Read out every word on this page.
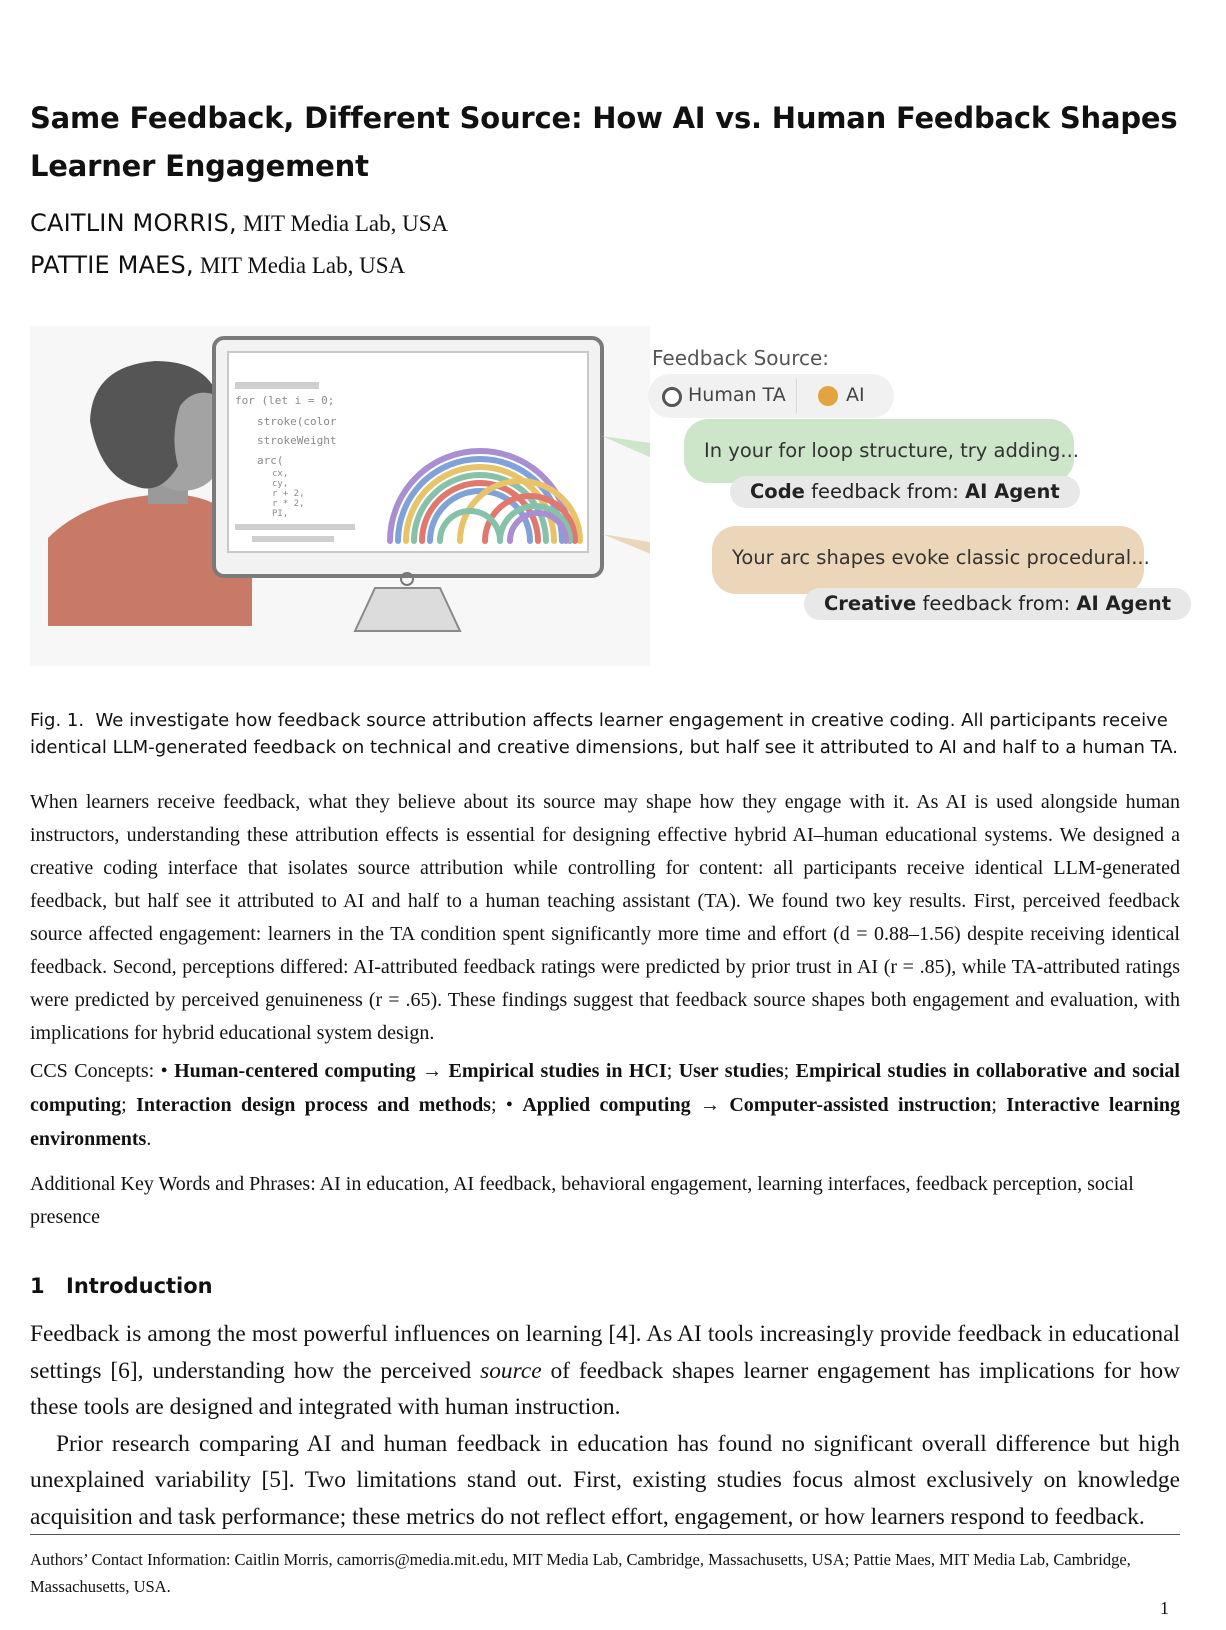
Same Feedback, Different Source: How AI vs. Human Feedback Shapes Learner Engagement
CAITLIN MORRIS, MIT Media Lab, USA
PATTIE MAES, MIT Media Lab, USA
for (let i = 0;
stroke(color
strokeWeight
arc(
cx,
cy,
r + 2,
r * 2,
PI,
Feedback Source:
Human TA	AI
In your for loop structure, try adding...
Code feedback from: AI Agent
Your arc shapes evoke classic procedural...
Creative feedback from: AI Agent
Fig. 1. We investigate how feedback source attribution affects learner engagement in creative coding. All participants receive identical LLM-generated feedback on technical and creative dimensions, but half see it attributed to AI and half to a human TA.

When learners receive feedback, what they believe about its source may shape how they engage with it. As AI is used alongside human instructors, understanding these attribution effects is essential for designing effective hybrid AI–human educational systems. We designed a creative coding interface that isolates source attribution while controlling for content: all participants receive identical LLM-generated feedback, but half see it attributed to AI and half to a human teaching assistant (TA). We found two key results. First, perceived feedback source affected engagement: learners in the TA condition spent significantly more time and effort (d = 0.88–1.56) despite receiving identical feedback. Second, perceptions differed: AI-attributed feedback ratings were predicted by prior trust in AI (r = .85), while TA-attributed ratings were predicted by perceived genuineness (r = .65). These findings suggest that feedback source shapes both engagement and evaluation, with implications for hybrid educational system design.

CCS Concepts: • Human-centered computing → Empirical studies in HCI; User studies; Empirical studies in collaborative and social computing; Interaction design process and methods; • Applied computing → Computer-assisted instruction; Interactive learning environments.

Additional Key Words and Phrases: AI in education, AI feedback, behavioral engagement, learning interfaces, feedback perception, social presence

1 Introduction

Feedback is among the most powerful influences on learning [4]. As AI tools increasingly provide feedback in educational settings [6], understanding how the perceived source of feedback shapes learner engagement has implications for how these tools are designed and integrated with human instruction.

Prior research comparing AI and human feedback in education has found no significant overall difference but high unexplained variability [5]. Two limitations stand out. First, existing studies focus almost exclusively on knowledge acquisition and task performance; these metrics do not reflect effort, engagement, or how learners respond to feedback.

Authors’ Contact Information: Caitlin Morris, camorris@media.mit.edu, MIT Media Lab, Cambridge, Massachusetts, USA; Pattie Maes, MIT Media Lab, Cambridge, Massachusetts, USA.

1
